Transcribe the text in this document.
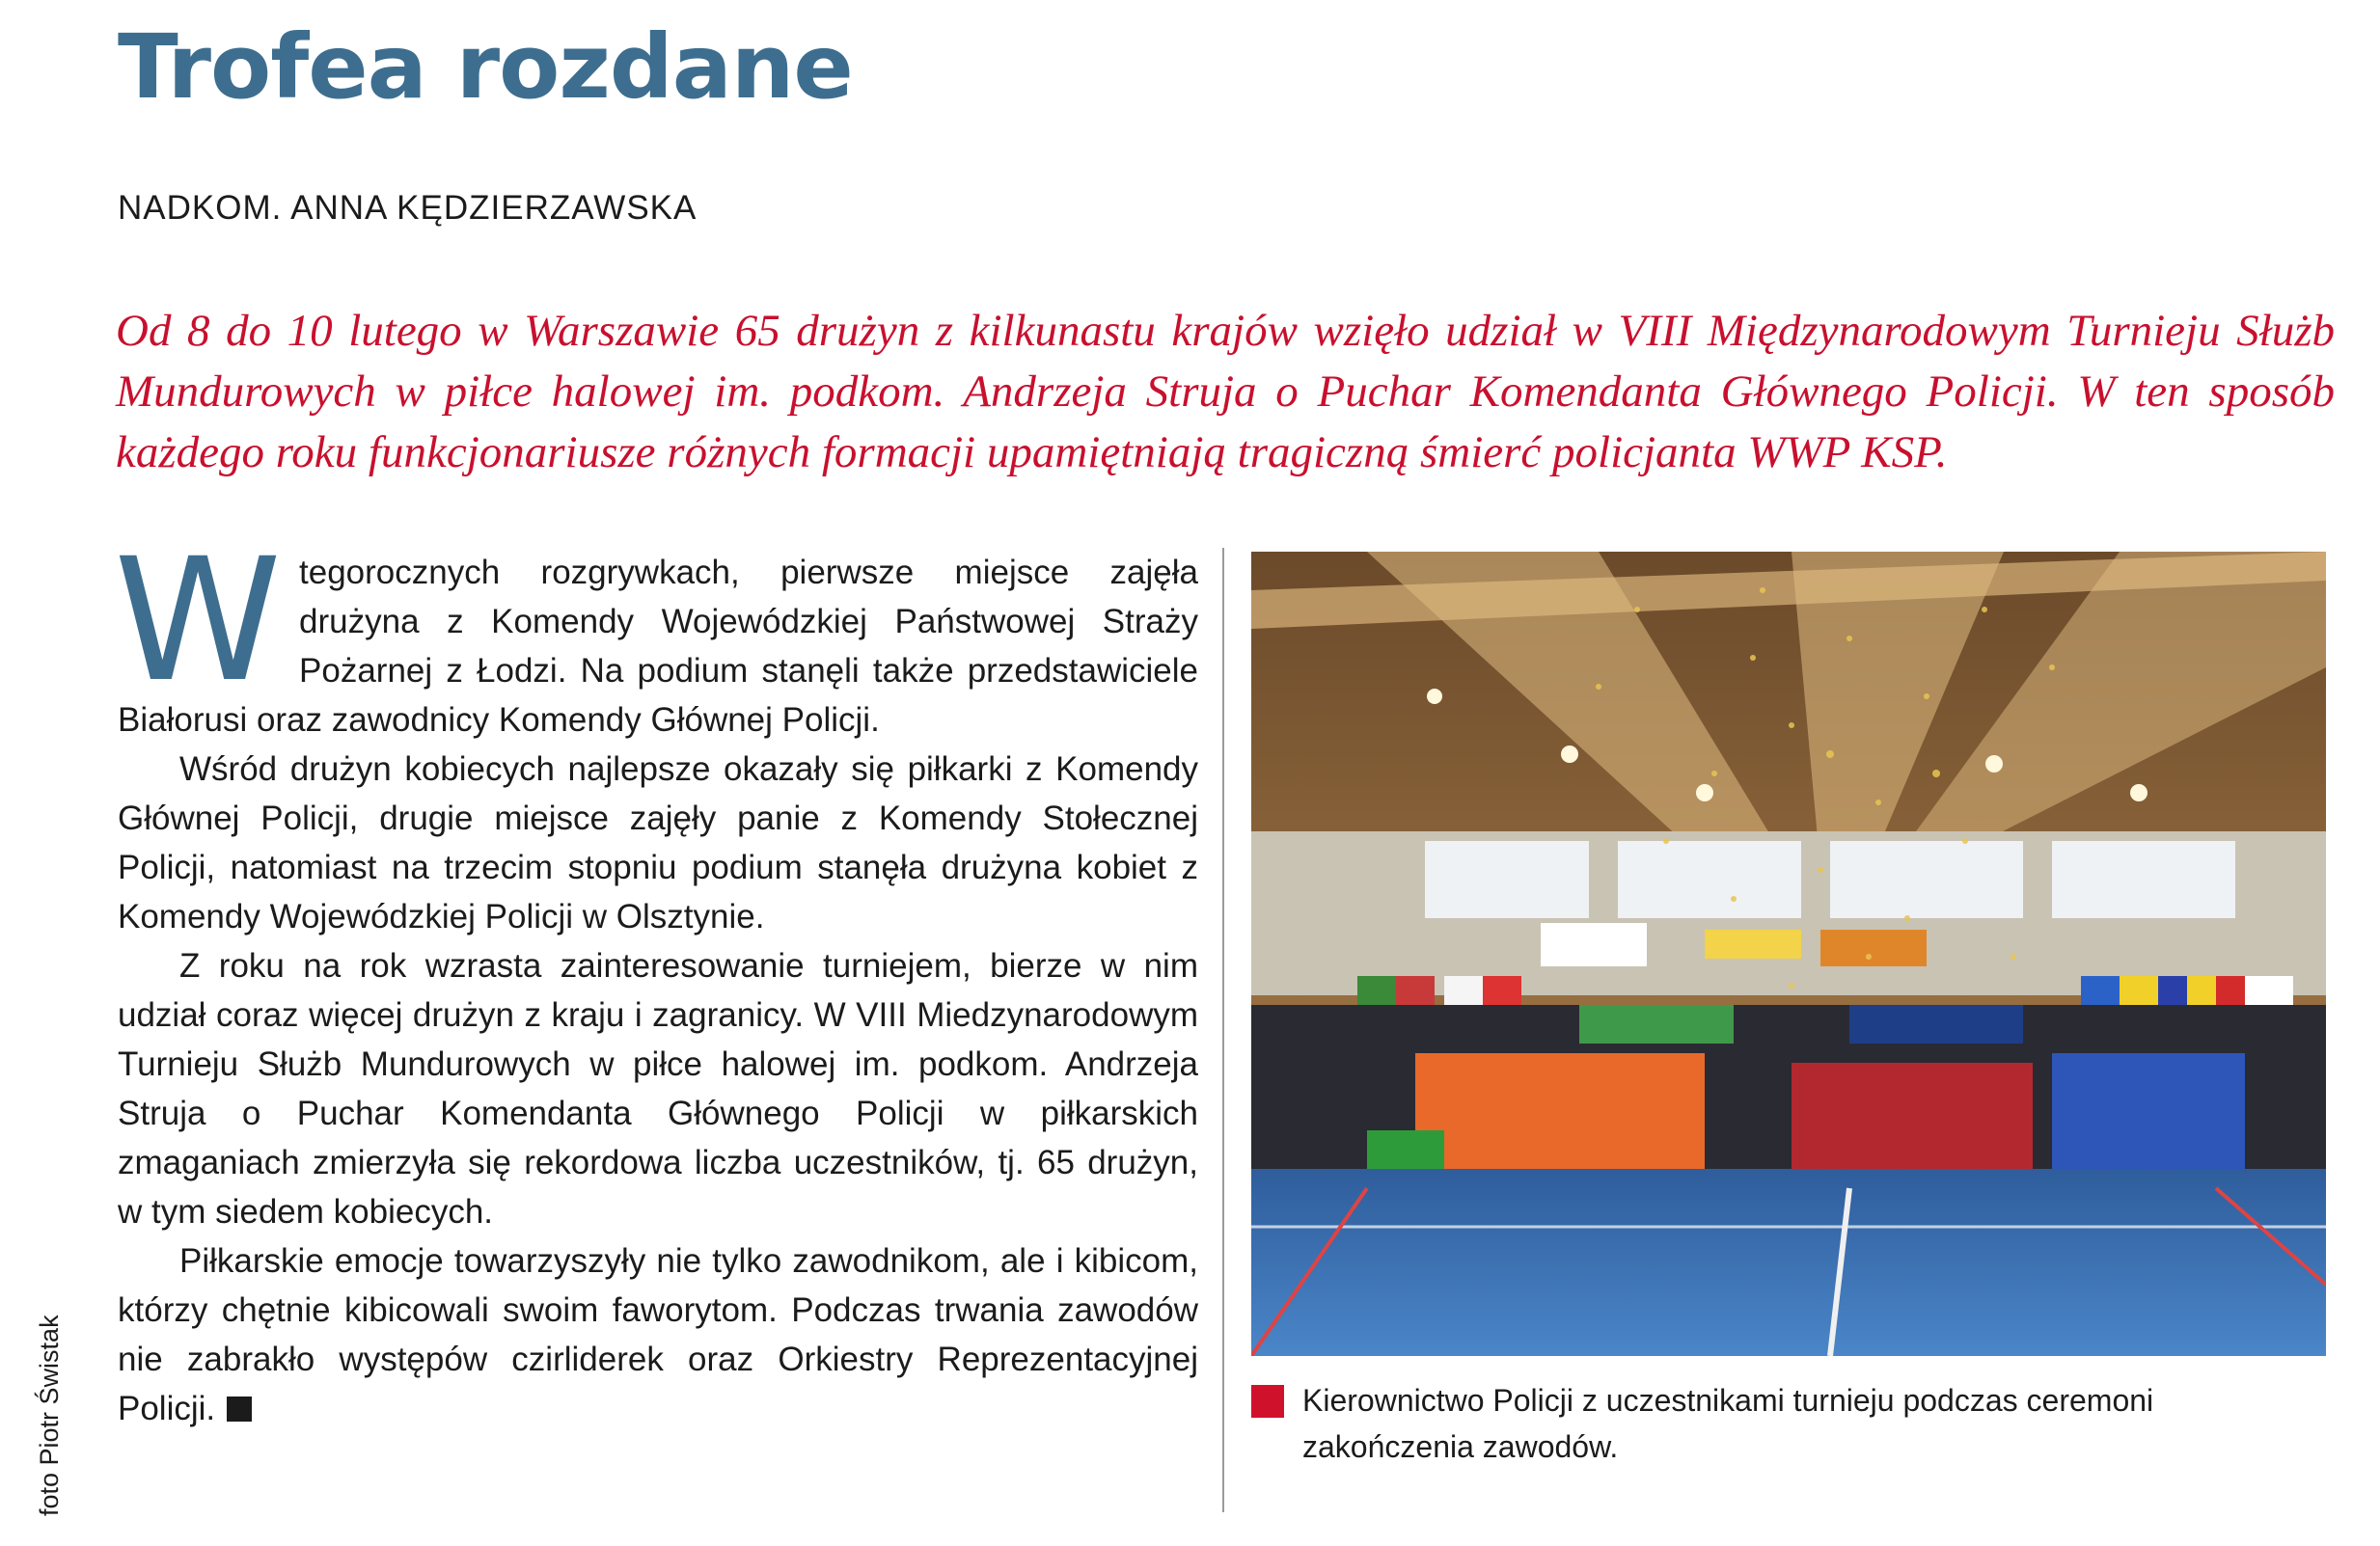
Trofea rozdane
NADKOM. ANNA KĘDZIERZAWSKA

Od 8 do 10 lutego w Warszawie 65 drużyn z kilkunastu krajów wzięło udział w VIII Międzynarodowym Turnieju Służb Mundurowych w piłce halowej im. podkom. Andrzeja Struja o Puchar Komendanta Głównego Policji. W ten sposób każdego roku funkcjonariusze różnych formacji upamiętniają tragiczną śmierć policjanta WWP KSP.

Wtegorocznych rozgrywkach, pierwsze miejsce zajęła drużyna z Komendy Wojewódzkiej Państwowej Straży Pożarnej z Łodzi. Na podium stanęli także przedstawiciele Białorusi oraz zawodnicy Komendy Głównej Policji.

Wśród drużyn kobiecych najlepsze okazały się piłkarki z Komendy Głównej Policji, drugie miejsce zajęły panie z Komendy Stołecznej Policji, natomiast na trzecim stopniu podium stanęła drużyna kobiet z Komendy Wojewódzkiej Policji w Olsztynie.

Z roku na rok wzrasta zainteresowanie turniejem, bierze w nim udział coraz więcej drużyn z kraju i zagranicy. W VIII Miedzynarodowym Turnieju Służb Mundurowych w piłce halowej im. podkom. Andrzeja Struja o Puchar Komendanta Głównego Policji w piłkarskich zmaganiach zmierzyła się rekordowa liczba uczestników, tj. 65 drużyn, w tym siedem kobiecych.

Piłkarskie emocje towarzyszyły nie tylko zawodnikom, ale i kibicom, którzy chętnie kibicowali swoim faworytom. Podczas trwania zawodów nie zabrakło występów czirliderek oraz Orkiestry Reprezentacyjnej Policji.

foto Piotr Świstak	Kierownictwo Policji z uczestnikami turnieju podczas ceremoni zakończenia zawodów.
